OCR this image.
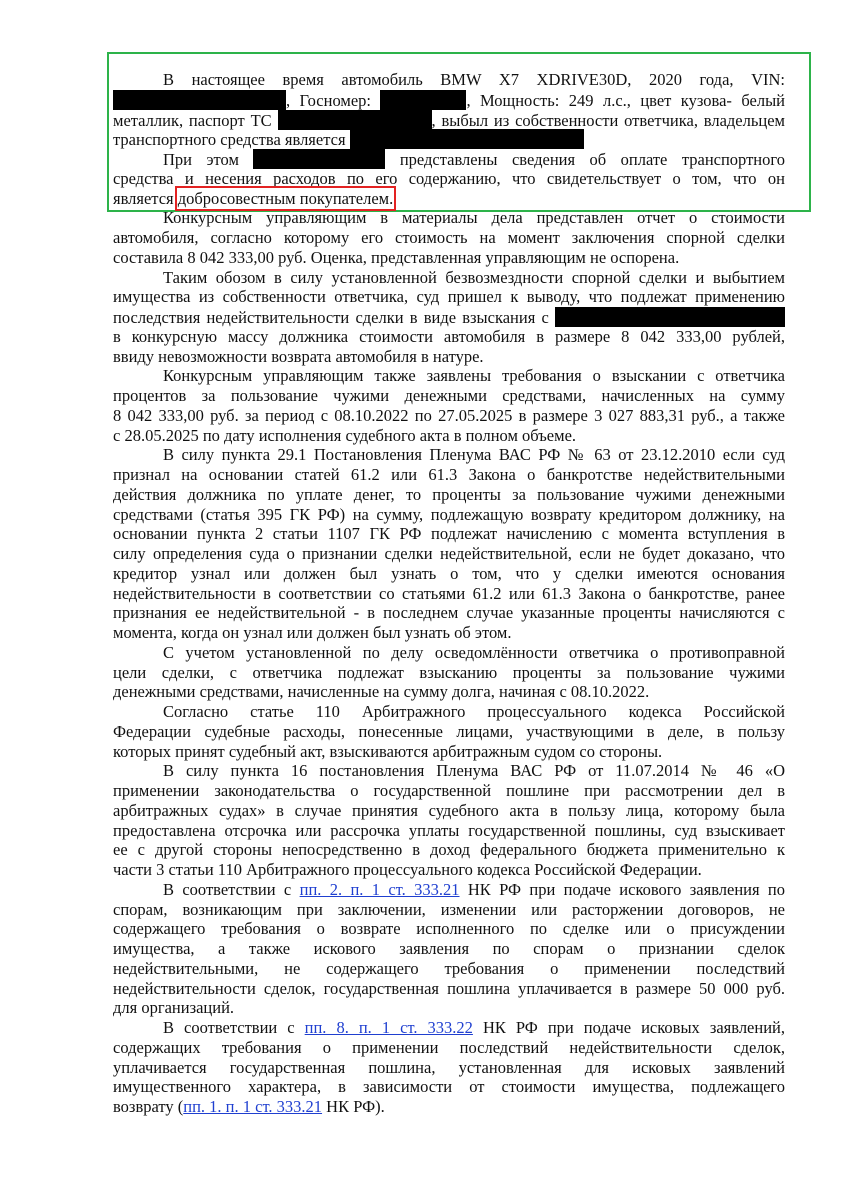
В настоящее время автомобиль BMW X7 XDRIVE30D, 2020 года, VIN:
, Госномер:	, Мощность: 249 л.с., цвет кузова- белый
металлик, паспорт ТС	, выбыл из собственности ответчика, владельцем
транспортного средства является
При этом	представлены сведения об оплате транспортного
средства и несения расходов по его содержанию, что свидетельствует о том, что он
является добросовестным покупателем.
Конкурсным управляющим в материалы дела представлен отчет о стоимости
автомобиля, согласно которому его стоимость на момент заключения спорной сделки
составила 8 042 333,00 руб. Оценка, представленная управляющим не оспорена.
Таким обозом в силу установленной безвозмездности спорной сделки и выбытием
имущества из собственности ответчика, суд пришел к выводу, что подлежат применению
последствия недействительности сделки в виде взыскания с
в конкурсную массу должника стоимости автомобиля в размере 8 042 333,00 рублей,
ввиду невозможности возврата автомобиля в натуре.
Конкурсным управляющим также заявлены требования о взыскании с ответчика
процентов за пользование чужими денежными средствами, начисленных на сумму
8 042 333,00 руб. за период с 08.10.2022 по 27.05.2025 в размере 3 027 883,31 руб., а также
с 28.05.2025 по дату исполнения судебного акта в полном объеме.
В силу пункта 29.1 Постановления Пленума ВАС РФ № 63 от 23.12.2010 если суд
признал на основании статей 61.2 или 61.3 Закона о банкротстве недействительными
действия должника по уплате денег, то проценты за пользование чужими денежными
средствами (статья 395 ГК РФ) на сумму, подлежащую возврату кредитором должнику, на
основании пункта 2 статьи 1107 ГК РФ подлежат начислению с момента вступления в
силу определения суда о признании сделки недействительной, если не будет доказано, что
кредитор узнал или должен был узнать о том, что у сделки имеются основания
недействительности в соответствии со статьями 61.2 или 61.3 Закона о банкротстве, ранее
признания ее недействительной - в последнем случае указанные проценты начисляются с
момента, когда он узнал или должен был узнать об этом.
С учетом установленной по делу осведомлённости ответчика о противоправной
цели сделки, с ответчика подлежат взысканию проценты за пользование чужими
денежными средствами, начисленные на сумму долга, начиная с 08.10.2022.
Согласно статье 110 Арбитражного процессуального кодекса Российской
Федерации судебные расходы, понесенные лицами, участвующими в деле, в пользу
которых принят судебный акт, взыскиваются арбитражным судом со стороны.
В силу пункта 16 постановления Пленума ВАС РФ от 11.07.2014 № 46 «О
применении законодательства о государственной пошлине при рассмотрении дел в
арбитражных судах» в случае принятия судебного акта в пользу лица, которому была
предоставлена отсрочка или рассрочка уплаты государственной пошлины, суд взыскивает
ее с другой стороны непосредственно в доход федерального бюджета применительно к
части 3 статьи 110 Арбитражного процессуального кодекса Российской Федерации.
В соответствии с пп. 2. п. 1 ст. 333.21 НК РФ при подаче искового заявления по
спорам, возникающим при заключении, изменении или расторжении договоров, не
содержащего требования о возврате исполненного по сделке или о присуждении
имущества, а также искового заявления по спорам о признании сделок
недействительными, не содержащего требования о применении последствий
недействительности сделок, государственная пошлина уплачивается в размере 50 000 руб.
для организаций.
В соответствии с пп. 8. п. 1 ст. 333.22 НК РФ при подаче исковых заявлений,
содержащих требования о применении последствий недействительности сделок,
уплачивается государственная пошлина, установленная для исковых заявлений
имущественного характера, в зависимости от стоимости имущества, подлежащего
возврату (пп. 1. п. 1 ст. 333.21 НК РФ).
